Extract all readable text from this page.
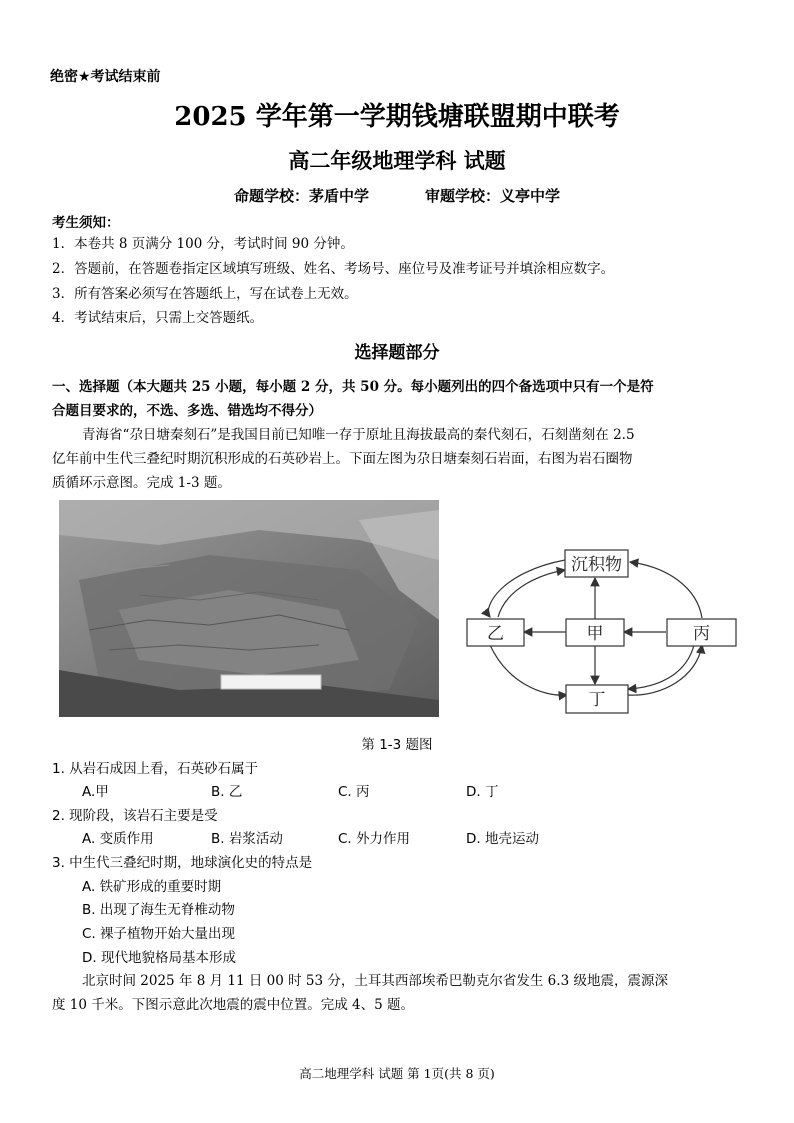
绝密★考试结束前
2025 学年第一学期钱塘联盟期中联考
高二年级地理学科 试题
命题学校：茅盾中学	审题学校：义亭中学
考生须知：
1．本卷共 8 页满分 100 分，考试时间 90 分钟。
2．答题前，在答题卷指定区域填写班级、姓名、考场号、座位号及准考证号并填涂相应数字。
3．所有答案必须写在答题纸上，写在试卷上无效。
4．考试结束后，只需上交答题纸。
选择题部分
一、选择题（本大题共 25 小题，每小题 2 分，共 50 分。每小题列出的四个备选项中只有一个是符
合题目要求的，不选、多选、错选均不得分）
青海省“尕日塘秦刻石”是我国目前已知唯一存于原址且海拔最高的秦代刻石，石刻凿刻在 2.5
亿年前中生代三叠纪时期沉积形成的石英砂岩上。下面左图为尕日塘秦刻石岩面，右图为岩石圈物
质循环示意图。完成 1-3 题。
沉积物
甲
乙	丙
丁
第 1-3 题图
1. 从岩石成因上看，石英砂石属于
A.甲	B. 乙	C. 丙	D. 丁
2. 现阶段，该岩石主要是受
A. 变质作用	B. 岩浆活动	C. 外力作用	D. 地壳运动
3. 中生代三叠纪时期，地球演化史的特点是
A. 铁矿形成的重要时期
B. 出现了海生无脊椎动物
C. 裸子植物开始大量出现
D. 现代地貌格局基本形成
北京时间 2025 年 8 月 11 日 00 时 53 分，土耳其西部埃希巴勒克尔省发生 6.3 级地震，震源深
度 10 千米。下图示意此次地震的震中位置。完成 4、5 题。
高二地理学科 试题 第 1页(共 8 页)
